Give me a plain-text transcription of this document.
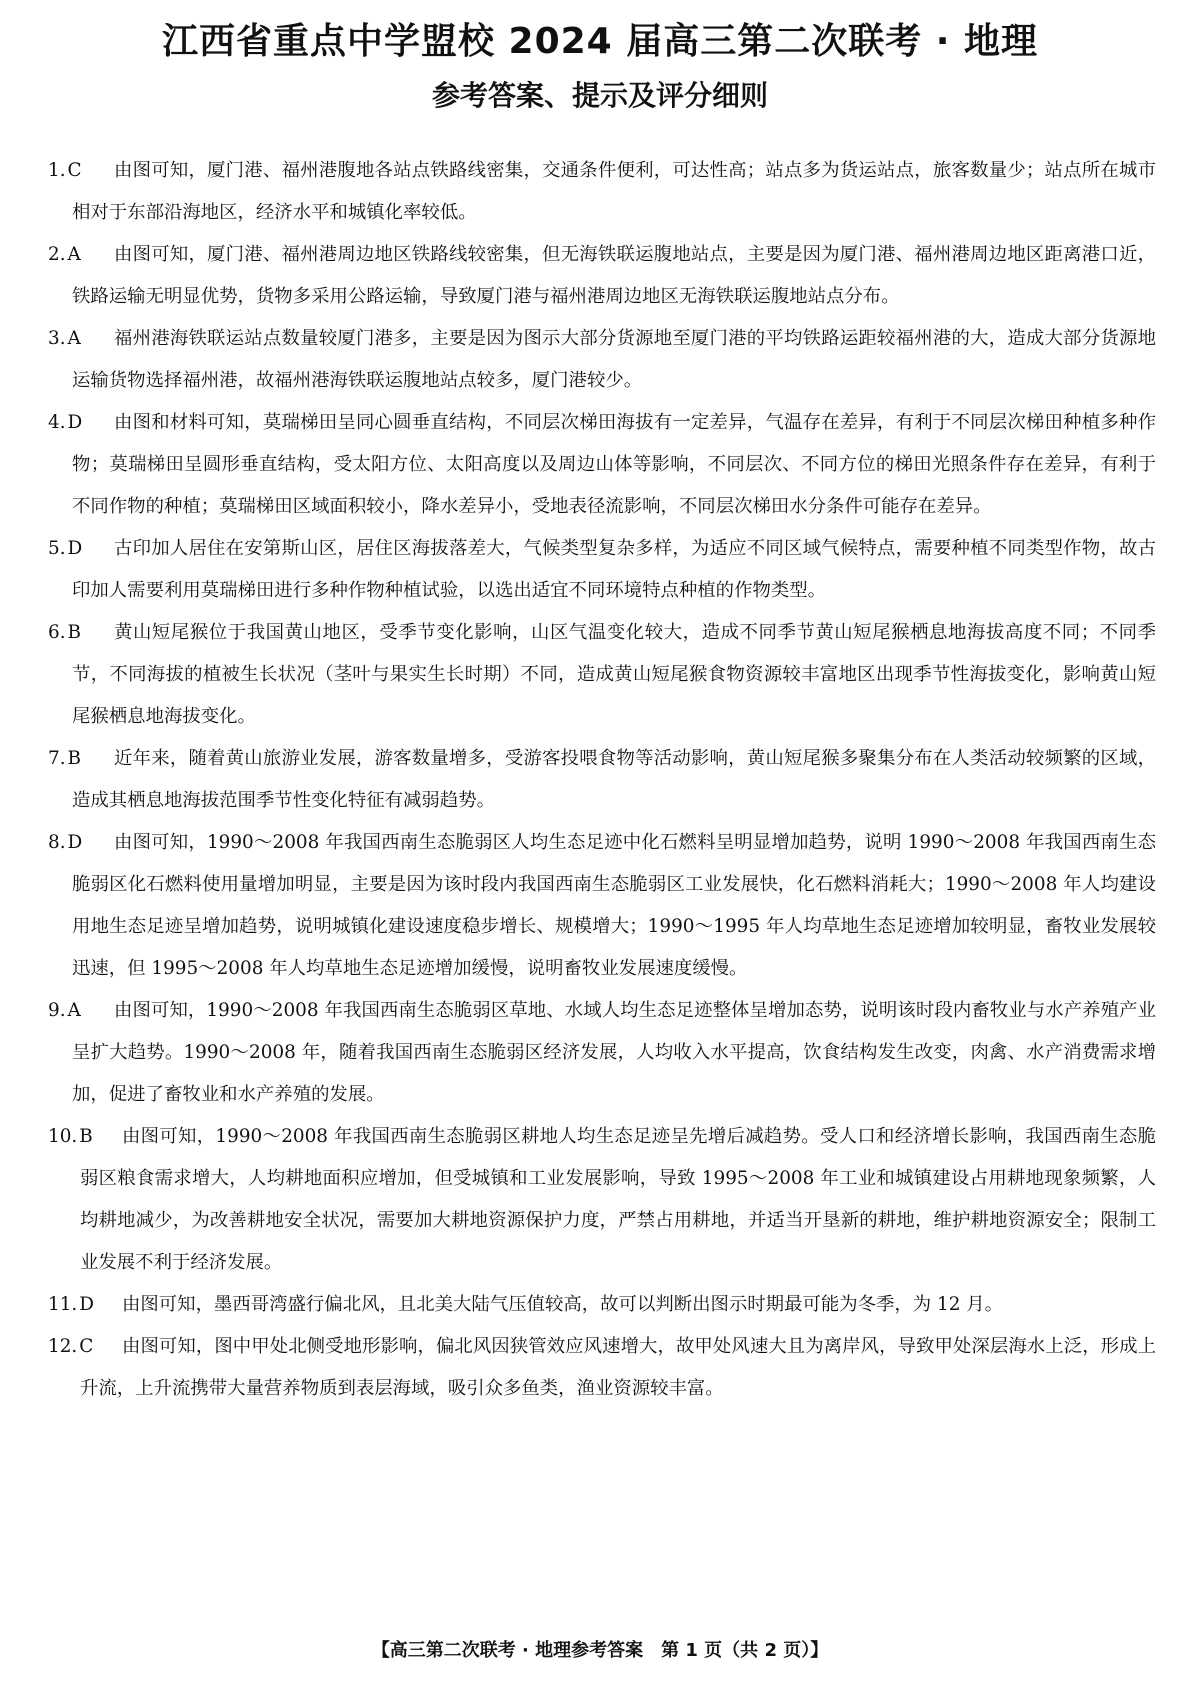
江西省重点中学盟校 2024 届高三第二次联考 · 地理
参考答案、提示及评分细则
1. C	由图可知，厦门港、福州港腹地各站点铁路线密集，交通条件便利，可达性高；站点多为货运站点，旅客数量少；站点所在城市相对于东部沿海地区，经济水平和城镇化率较低。
2. A	由图可知，厦门港、福州港周边地区铁路线较密集，但无海铁联运腹地站点，主要是因为厦门港、福州港周边地区距离港口近，铁路运输无明显优势，货物多采用公路运输，导致厦门港与福州港周边地区无海铁联运腹地站点分布。
3. A	福州港海铁联运站点数量较厦门港多，主要是因为图示大部分货源地至厦门港的平均铁路运距较福州港的大，造成大部分货源地运输货物选择福州港，故福州港海铁联运腹地站点较多，厦门港较少。
4. D	由图和材料可知，莫瑞梯田呈同心圆垂直结构，不同层次梯田海拔有一定差异，气温存在差异，有利于不同层次梯田种植多种作物；莫瑞梯田呈圆形垂直结构，受太阳方位、太阳高度以及周边山体等影响，不同层次、不同方位的梯田光照条件存在差异，有利于不同作物的种植；莫瑞梯田区域面积较小，降水差异小，受地表径流影响，不同层次梯田水分条件可能存在差异。
5. D	古印加人居住在安第斯山区，居住区海拔落差大，气候类型复杂多样，为适应不同区域气候特点，需要种植不同类型作物，故古印加人需要利用莫瑞梯田进行多种作物种植试验，以选出适宜不同环境特点种植的作物类型。
6. B	黄山短尾猴位于我国黄山地区，受季节变化影响，山区气温变化较大，造成不同季节黄山短尾猴栖息地海拔高度不同；不同季节，不同海拔的植被生长状况（茎叶与果实生长时期）不同，造成黄山短尾猴食物资源较丰富地区出现季节性海拔变化，影响黄山短尾猴栖息地海拔变化。
7. B	近年来，随着黄山旅游业发展，游客数量增多，受游客投喂食物等活动影响，黄山短尾猴多聚集分布在人类活动较频繁的区域，造成其栖息地海拔范围季节性变化特征有减弱趋势。
8. D	由图可知，1990～2008 年我国西南生态脆弱区人均生态足迹中化石燃料呈明显增加趋势，说明 1990～2008 年我国西南生态脆弱区化石燃料使用量增加明显，主要是因为该时段内我国西南生态脆弱区工业发展快，化石燃料消耗大；1990～2008 年人均建设用地生态足迹呈增加趋势，说明城镇化建设速度稳步增长、规模增大；1990～1995 年人均草地生态足迹增加较明显，畜牧业发展较迅速，但 1995～2008 年人均草地生态足迹增加缓慢，说明畜牧业发展速度缓慢。
9. A	由图可知，1990～2008 年我国西南生态脆弱区草地、水域人均生态足迹整体呈增加态势，说明该时段内畜牧业与水产养殖产业呈扩大趋势。1990～2008 年，随着我国西南生态脆弱区经济发展，人均收入水平提高，饮食结构发生改变，肉禽、水产消费需求增加，促进了畜牧业和水产养殖的发展。
10. B	由图可知，1990～2008 年我国西南生态脆弱区耕地人均生态足迹呈先增后减趋势。受人口和经济增长影响，我国西南生态脆弱区粮食需求增大，人均耕地面积应增加，但受城镇和工业发展影响，导致 1995～2008 年工业和城镇建设占用耕地现象频繁，人均耕地减少，为改善耕地安全状况，需要加大耕地资源保护力度，严禁占用耕地，并适当开垦新的耕地，维护耕地资源安全；限制工业发展不利于经济发展。
11. D	由图可知，墨西哥湾盛行偏北风，且北美大陆气压值较高，故可以判断出图示时期最可能为冬季，为 12 月。
12. C	由图可知，图中甲处北侧受地形影响，偏北风因狭管效应风速增大，故甲处风速大且为离岸风，导致甲处深层海水上泛，形成上升流，上升流携带大量营养物质到表层海域，吸引众多鱼类，渔业资源较丰富。
【高三第二次联考 · 地理参考答案　第 1 页（共 2 页）】
